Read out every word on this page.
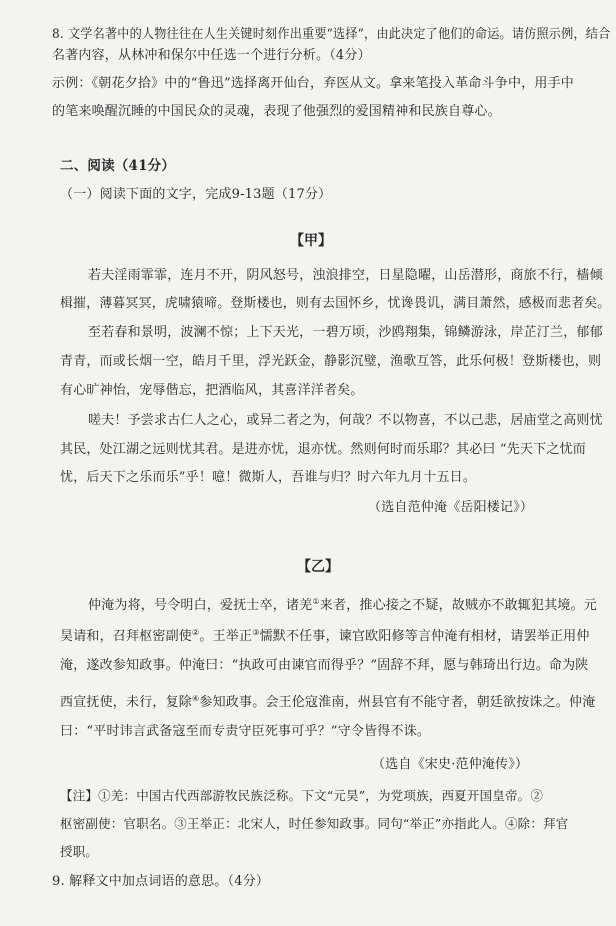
8. 文学名著中的人物往往在人生关键时刻作出重要“选择”，由此决定了他们的命运。请仿照示例，结合
名著内容，从林冲和保尔中任选一个进行分析。（4分）
示例：《朝花夕拾》中的“鲁迅”选择离开仙台，弃医从文。拿来笔投入革命斗争中，用手中
的笔来唤醒沉睡的中国民众的灵魂，表现了他强烈的爱国精神和民族自尊心。
二、阅读（41分）
（一）阅读下面的文字，完成9-13题（17分）
【甲】
若夫淫雨霏霏，连月不开，阴风怒号，浊浪排空，日星隐曜，山岳潜形，商旅不行，樯倾
楫摧，薄暮冥冥，虎啸猿啼。登斯楼也，则有去国怀乡，忧谗畏讥，满目萧然，感极而悲者矣。
至若春和景明，波澜不惊；上下天光，一碧万顷，沙鸥翔集，锦鳞游泳，岸芷汀兰，郁郁
青青，而或长烟一空，皓月千里，浮光跃金，静影沉璧，渔歌互答，此乐何极！登斯楼也，则
有心旷神怡，宠辱偕忘，把酒临风，其喜洋洋者矣。
嗟夫！予尝求古仁人之心，或异二者之为，何哉？不以物喜，不以己悲，居庙堂之高则忧
其民，处江湖之远则忧其君。是进亦忧，退亦忧。然则何时而乐耶？其必曰 “先天下之忧而
忧，后天下之乐而乐”乎！噫！微斯人，吾谁与归？时六年九月十五日。
（选自范仲淹《岳阳楼记》）
【乙】
仲淹为将，号令明白，爱抚士卒，诸羌①来者，推心接之不疑，故贼亦不敢辄犯其境。元
昊请和，召拜枢密副使②。王举正③懦默不任事，谏官欧阳修等言仲淹有相材，请罢举正用仲
淹，遂改参知政事。仲淹曰：“执政可由谏官而得乎？”固辞不拜，愿与韩琦出行边。命为陕
西宣抚使，未行，复除④参知政事。会王伦寇淮南，州县官有不能守者，朝廷欲按诛之。仲淹
曰：“平时讳言武备寇至而专责守臣死事可乎？”守令皆得不诛。
（选自《宋史·范仲淹传》）
【注】①羌：中国古代西部游牧民族泛称。下文“元昊”，为党项族，西夏开国皇帝。②
枢密副使：官职名。③王举正：北宋人，时任参知政事。同句“举正”亦指此人。④除：拜官
授职。
9. 解释文中加点词语的意思。（4分）
